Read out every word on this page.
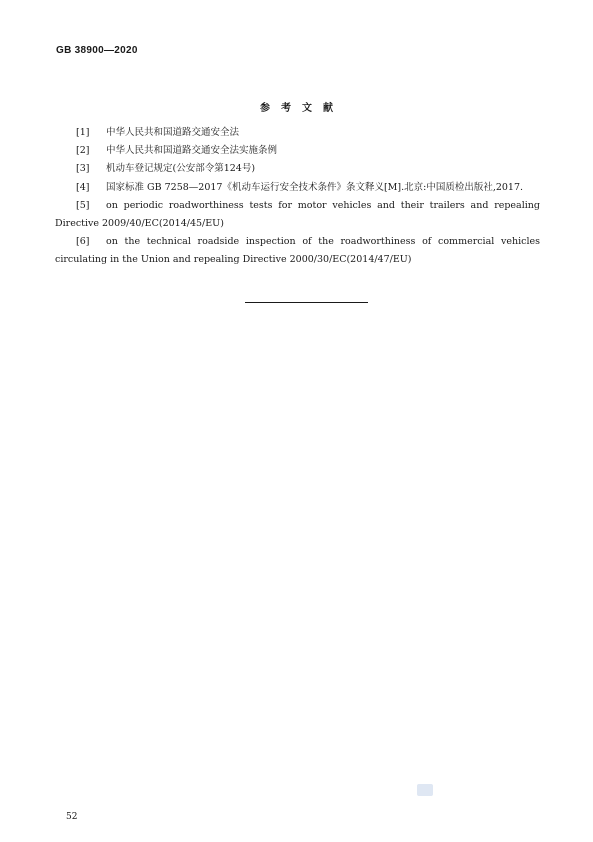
GB 38900—2020
参考文献
[1] 中华人民共和国道路交通安全法
[2] 中华人民共和国道路交通安全法实施条例
[3] 机动车登记规定(公安部令第124号)
[4] 国家标准 GB 7258—2017《机动车运行安全技术条件》条文释义[M].北京:中国质检出版社,2017.
[5] on periodic roadworthiness tests for motor vehicles and their trailers and repealing Directive 2009/40/EC(2014/45/EU)
[6] on the technical roadside inspection of the roadworthiness of commercial vehicles circulating in the Union and repealing Directive 2000/30/EC(2014/47/EU)
52
